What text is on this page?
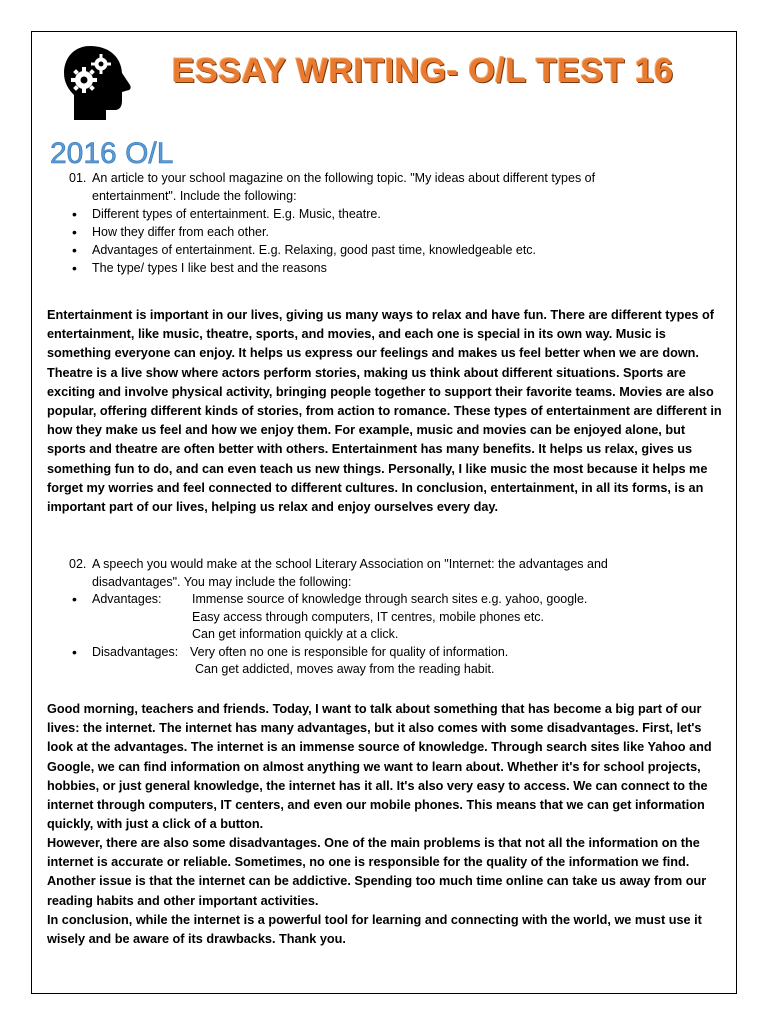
ESSAY WRITING- O/L TEST 16
2016 O/L
01. An article to your school magazine on the following topic. "My ideas about different types of entertainment". Include the following:
• Different types of entertainment. E.g. Music, theatre.
• How they differ from each other.
• Advantages of entertainment. E.g. Relaxing, good past time, knowledgeable etc.
• The type/ types I like best and the reasons

Entertainment is important in our lives, giving us many ways to relax and have fun. There are different types of entertainment, like music, theatre, sports, and movies, and each one is special in its own way. Music is something everyone can enjoy. It helps us express our feelings and makes us feel better when we are down. Theatre is a live show where actors perform stories, making us think about different situations. Sports are exciting and involve physical activity, bringing people together to support their favorite teams. Movies are also popular, offering different kinds of stories, from action to romance. These types of entertainment are different in how they make us feel and how we enjoy them. For example, music and movies can be enjoyed alone, but sports and theatre are often better with others. Entertainment has many benefits. It helps us relax, gives us something fun to do, and can even teach us new things. Personally, I like music the most because it helps me forget my worries and feel connected to different cultures. In conclusion, entertainment, in all its forms, is an important part of our lives, helping us relax and enjoy ourselves every day.

02. A speech you would make at the school Literary Association on "Internet: the advantages and disadvantages". You may include the following:
• Advantages: Immense source of knowledge through search sites e.g. yahoo, google.
Easy access through computers, IT centres, mobile phones etc.
Can get information quickly at a click.
• Disadvantages: Very often no one is responsible for quality of information.
Can get addicted, moves away from the reading habit.

Good morning, teachers and friends. Today, I want to talk about something that has become a big part of our lives: the internet. The internet has many advantages, but it also comes with some disadvantages. First, let's look at the advantages. The internet is an immense source of knowledge. Through search sites like Yahoo and Google, we can find information on almost anything we want to learn about. Whether it's for school projects, hobbies, or just general knowledge, the internet has it all. It's also very easy to access. We can connect to the internet through computers, IT centers, and even our mobile phones. This means that we can get information quickly, with just a click of a button.

However, there are also some disadvantages. One of the main problems is that not all the information on the internet is accurate or reliable. Sometimes, no one is responsible for the quality of the information we find. Another issue is that the internet can be addictive. Spending too much time online can take us away from our reading habits and other important activities.

In conclusion, while the internet is a powerful tool for learning and connecting with the world, we must use it wisely and be aware of its drawbacks. Thank you.
